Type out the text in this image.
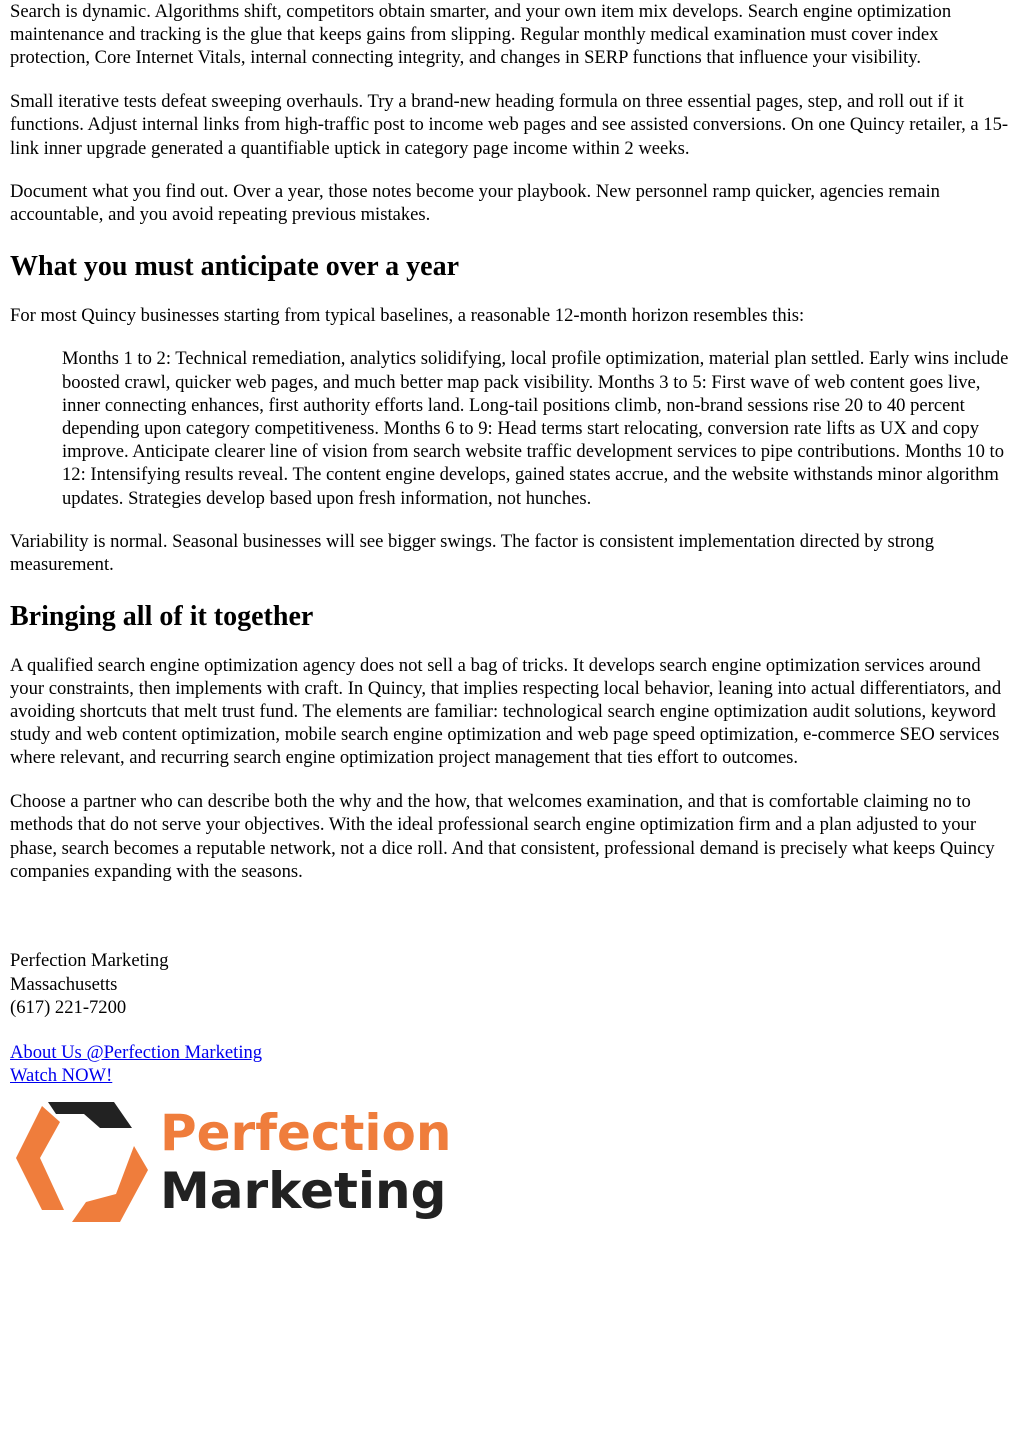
Search is dynamic. Algorithms shift, competitors obtain smarter, and your own item mix develops. Search engine optimization maintenance and tracking is the glue that keeps gains from slipping. Regular monthly medical examination must cover index protection, Core Internet Vitals, internal connecting integrity, and changes in SERP functions that influence your visibility.

Small iterative tests defeat sweeping overhauls. Try a brand-new heading formula on three essential pages, step, and roll out if it functions. Adjust internal links from high-traffic post to income web pages and see assisted conversions. On one Quincy retailer, a 15-link inner upgrade generated a quantifiable uptick in category page income within 2 weeks.

Document what you find out. Over a year, those notes become your playbook. New personnel ramp quicker, agencies remain accountable, and you avoid repeating previous mistakes.

What you must anticipate over a year

For most Quincy businesses starting from typical baselines, a reasonable 12-month horizon resembles this:

Months 1 to 2: Technical remediation, analytics solidifying, local profile optimization, material plan settled. Early wins include boosted crawl, quicker web pages, and much better map pack visibility. Months 3 to 5: First wave of web content goes live, inner connecting enhances, first authority efforts land. Long-tail positions climb, non-brand sessions rise 20 to 40 percent depending upon category competitiveness. Months 6 to 9: Head terms start relocating, conversion rate lifts as UX and copy improve. Anticipate clearer line of vision from search website traffic development services to pipe contributions. Months 10 to 12: Intensifying results reveal. The content engine develops, gained states accrue, and the website withstands minor algorithm updates. Strategies develop based upon fresh information, not hunches.

Variability is normal. Seasonal businesses will see bigger swings. The factor is consistent implementation directed by strong measurement.

Bringing all of it together

A qualified search engine optimization agency does not sell a bag of tricks. It develops search engine optimization services around your constraints, then implements with craft. In Quincy, that implies respecting local behavior, leaning into actual differentiators, and avoiding shortcuts that melt trust fund. The elements are familiar: technological search engine optimization audit solutions, keyword study and web content optimization, mobile search engine optimization and web page speed optimization, e-commerce SEO services where relevant, and recurring search engine optimization project management that ties effort to outcomes.

Choose a partner who can describe both the why and the how, that welcomes examination, and that is comfortable claiming no to methods that do not serve your objectives. With the ideal professional search engine optimization firm and a plan adjusted to your phase, search becomes a reputable network, not a dice roll. And that consistent, professional demand is precisely what keeps Quincy companies expanding with the seasons.

Perfection Marketing
Massachusetts
(617) 221-7200
About Us @Perfection Marketing
Watch NOW!
Perfection
Marketing
